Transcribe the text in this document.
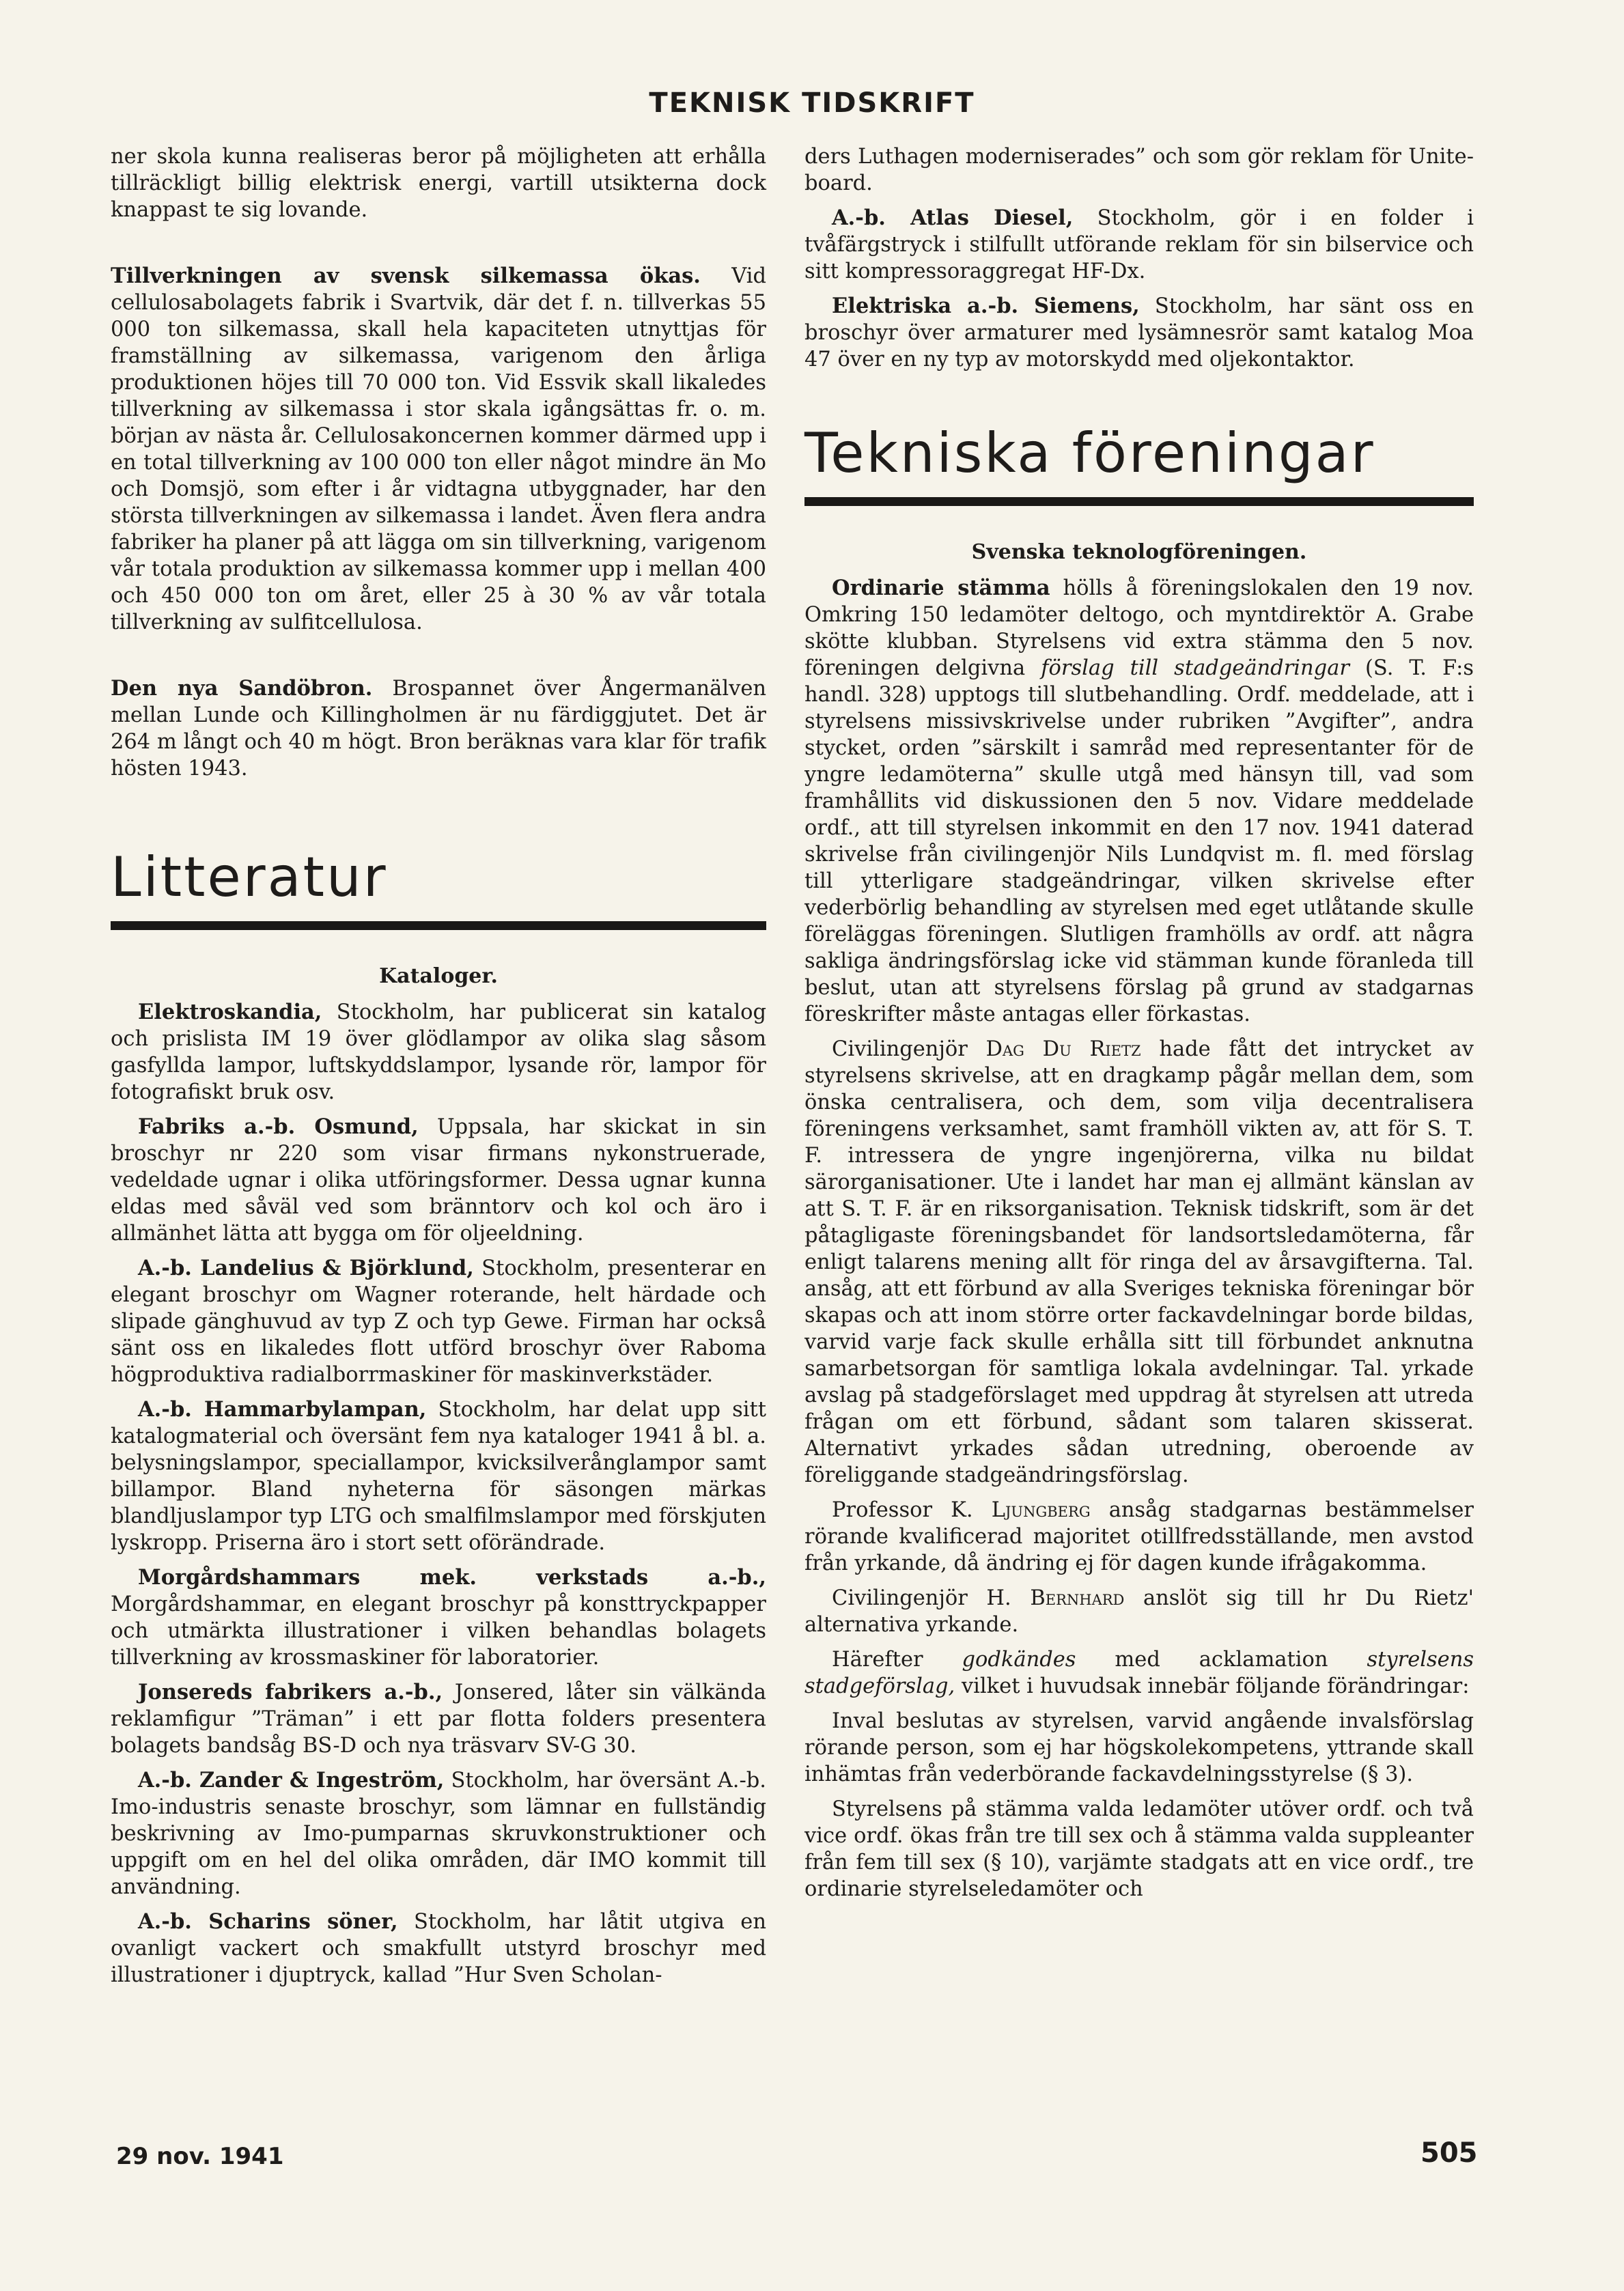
TEKNISK TIDSKRIFT

ner skola kunna realiseras beror på möjligheten att erhålla tillräckligt billig elektrisk energi, vartill utsikterna dock knappast te sig lovande.

Tillverkningen av svensk silkemassa ökas. Vid cellulosabolagets fabrik i Svartvik, där det f. n. tillverkas 55 000 ton silkemassa, skall hela kapaciteten utnyttjas för framställning av silkemassa, varigenom den årliga produktionen höjes till 70 000 ton. Vid Essvik skall likaledes tillverkning av silkemassa i stor skala igångsättas fr. o. m. början av nästa år. Cellulosakoncernen kommer därmed upp i en total tillverkning av 100 000 ton eller något mindre än Mo och Domsjö, som efter i år vidtagna utbyggnader, har den största tillverkningen av silkemassa i landet. Även flera andra fabriker ha planer på att lägga om sin tillverkning, varigenom vår totala produktion av silkemassa kommer upp i mellan 400 och 450 000 ton om året, eller 25 à 30 % av vår totala tillverkning av sulfitcellulosa.

Den nya Sandöbron. Brospannet över Ångermanälven mellan Lunde och Killingholmen är nu färdiggjutet. Det är 264 m långt och 40 m högt. Bron beräknas vara klar för trafik hösten 1943.

Litteratur
Kataloger.

Elektroskandia, Stockholm, har publicerat sin katalog och prislista IM 19 över glödlampor av olika slag såsom gasfyllda lampor, luftskyddslampor, lysande rör, lampor för fotografiskt bruk osv.

Fabriks a.-b. Osmund, Uppsala, har skickat in sin broschyr nr 220 som visar firmans nykonstruerade, vedeldade ugnar i olika utföringsformer. Dessa ugnar kunna eldas med såväl ved som bränntorv och kol och äro i allmänhet lätta att bygga om för oljeeldning.

A.-b. Landelius & Björklund, Stockholm, presenterar en elegant broschyr om Wagner roterande, helt härdade och slipade gänghuvud av typ Z och typ Gewe. Firman har också sänt oss en likaledes flott utförd broschyr över Raboma högproduktiva radialborrmaskiner för maskinverkstäder.

A.-b. Hammarbylampan, Stockholm, har delat upp sitt katalogmaterial och översänt fem nya kataloger 1941 å bl. a. belysningslampor, speciallampor, kvicksilverånglampor samt billampor. Bland nyheterna för säsongen märkas blandljuslampor typ LTG och smalfilmslampor med förskjuten lyskropp. Priserna äro i stort sett oförändrade.

Morgårdshammars mek. verkstads a.-b., Morgårdshammar, en elegant broschyr på konsttryckpapper och utmärkta illustrationer i vilken behandlas bolagets tillverkning av krossmaskiner för laboratorier.

Jonsereds fabrikers a.-b., Jonsered, låter sin välkända reklamfigur ”Träman” i ett par flotta folders presentera bolagets bandsåg BS-D och nya träsvarv SV-G 30.

A.-b. Zander & Ingeström, Stockholm, har översänt A.-b. Imo-industris senaste broschyr, som lämnar en fullständig beskrivning av Imo-pumparnas skruvkonstruktioner och uppgift om en hel del olika områden, där IMO kommit till användning.

A.-b. Scharins söner, Stockholm, har låtit utgiva en ovanligt vackert och smakfullt utstyrd broschyr med illustrationer i djuptryck, kallad ”Hur Sven Scholan-

ders Luthagen moderniserades” och som gör reklam för Unite-board.

A.-b. Atlas Diesel, Stockholm, gör i en folder i tvåfärgstryck i stilfullt utförande reklam för sin bilservice och sitt kompressoraggregat HF-Dx.

Elektriska a.-b. Siemens, Stockholm, har sänt oss en broschyr över armaturer med lysämnesrör samt katalog Moa 47 över en ny typ av motorskydd med oljekontaktor.

Tekniska föreningar
Svenska teknologföreningen.

Ordinarie stämma hölls å föreningslokalen den 19 nov. Omkring 150 ledamöter deltogo, och myntdirektör A. Grabe skötte klubban. Styrelsens vid extra stämma den 5 nov. föreningen delgivna förslag till stadgeändringar (S. T. F:s handl. 328) upptogs till slutbehandling. Ordf. meddelade, att i styrelsens missivskrivelse under rubriken ”Avgifter”, andra stycket, orden ”särskilt i samråd med representanter för de yngre ledamöterna” skulle utgå med hänsyn till, vad som framhållits vid diskussionen den 5 nov. Vidare meddelade ordf., att till styrelsen inkommit en den 17 nov. 1941 daterad skrivelse från civilingenjör Nils Lundqvist m. fl. med förslag till ytterligare stadgeändringar, vilken skrivelse efter vederbörlig behandling av styrelsen med eget utlåtande skulle föreläggas föreningen. Slutligen framhölls av ordf. att några sakliga ändringsförslag icke vid stämman kunde föranleda till beslut, utan att styrelsens förslag på grund av stadgarnas föreskrifter måste antagas eller förkastas.

Civilingenjör Dag Du Rietz hade fått det intrycket av styrelsens skrivelse, att en dragkamp pågår mellan dem, som önska centralisera, och dem, som vilja decentralisera föreningens verksamhet, samt framhöll vikten av, att för S. T. F. intressera de yngre ingenjörerna, vilka nu bildat särorganisationer. Ute i landet har man ej allmänt känslan av att S. T. F. är en riksorganisation. Teknisk tidskrift, som är det påtagligaste föreningsbandet för landsortsledamöterna, får enligt talarens mening allt för ringa del av årsavgifterna. Tal. ansåg, att ett förbund av alla Sveriges tekniska föreningar bör skapas och att inom större orter fackavdelningar borde bildas, varvid varje fack skulle erhålla sitt till förbundet anknutna samarbetsorgan för samtliga lokala avdelningar. Tal. yrkade avslag på stadgeförslaget med uppdrag åt styrelsen att utreda frågan om ett förbund, sådant som talaren skisserat. Alternativt yrkades sådan utredning, oberoende av föreliggande stadgeändringsförslag.

Professor K. Ljungberg ansåg stadgarnas bestämmelser rörande kvalificerad majoritet otillfredsställande, men avstod från yrkande, då ändring ej för dagen kunde ifrågakomma.

Civilingenjör H. Bernhard anslöt sig till hr Du Rietz' alternativa yrkande.

Härefter godkändes med acklamation styrelsens stadgeförslag, vilket i huvudsak innebär följande förändringar:

Inval beslutas av styrelsen, varvid angående invalsförslag rörande person, som ej har högskolekompetens, yttrande skall inhämtas från vederbörande fackavdelningsstyrelse (§ 3).

Styrelsens på stämma valda ledamöter utöver ordf. och två vice ordf. ökas från tre till sex och å stämma valda suppleanter från fem till sex (§ 10), varjämte stadgats att en vice ordf., tre ordinarie styrelseledamöter och

29 nov. 1941	505
